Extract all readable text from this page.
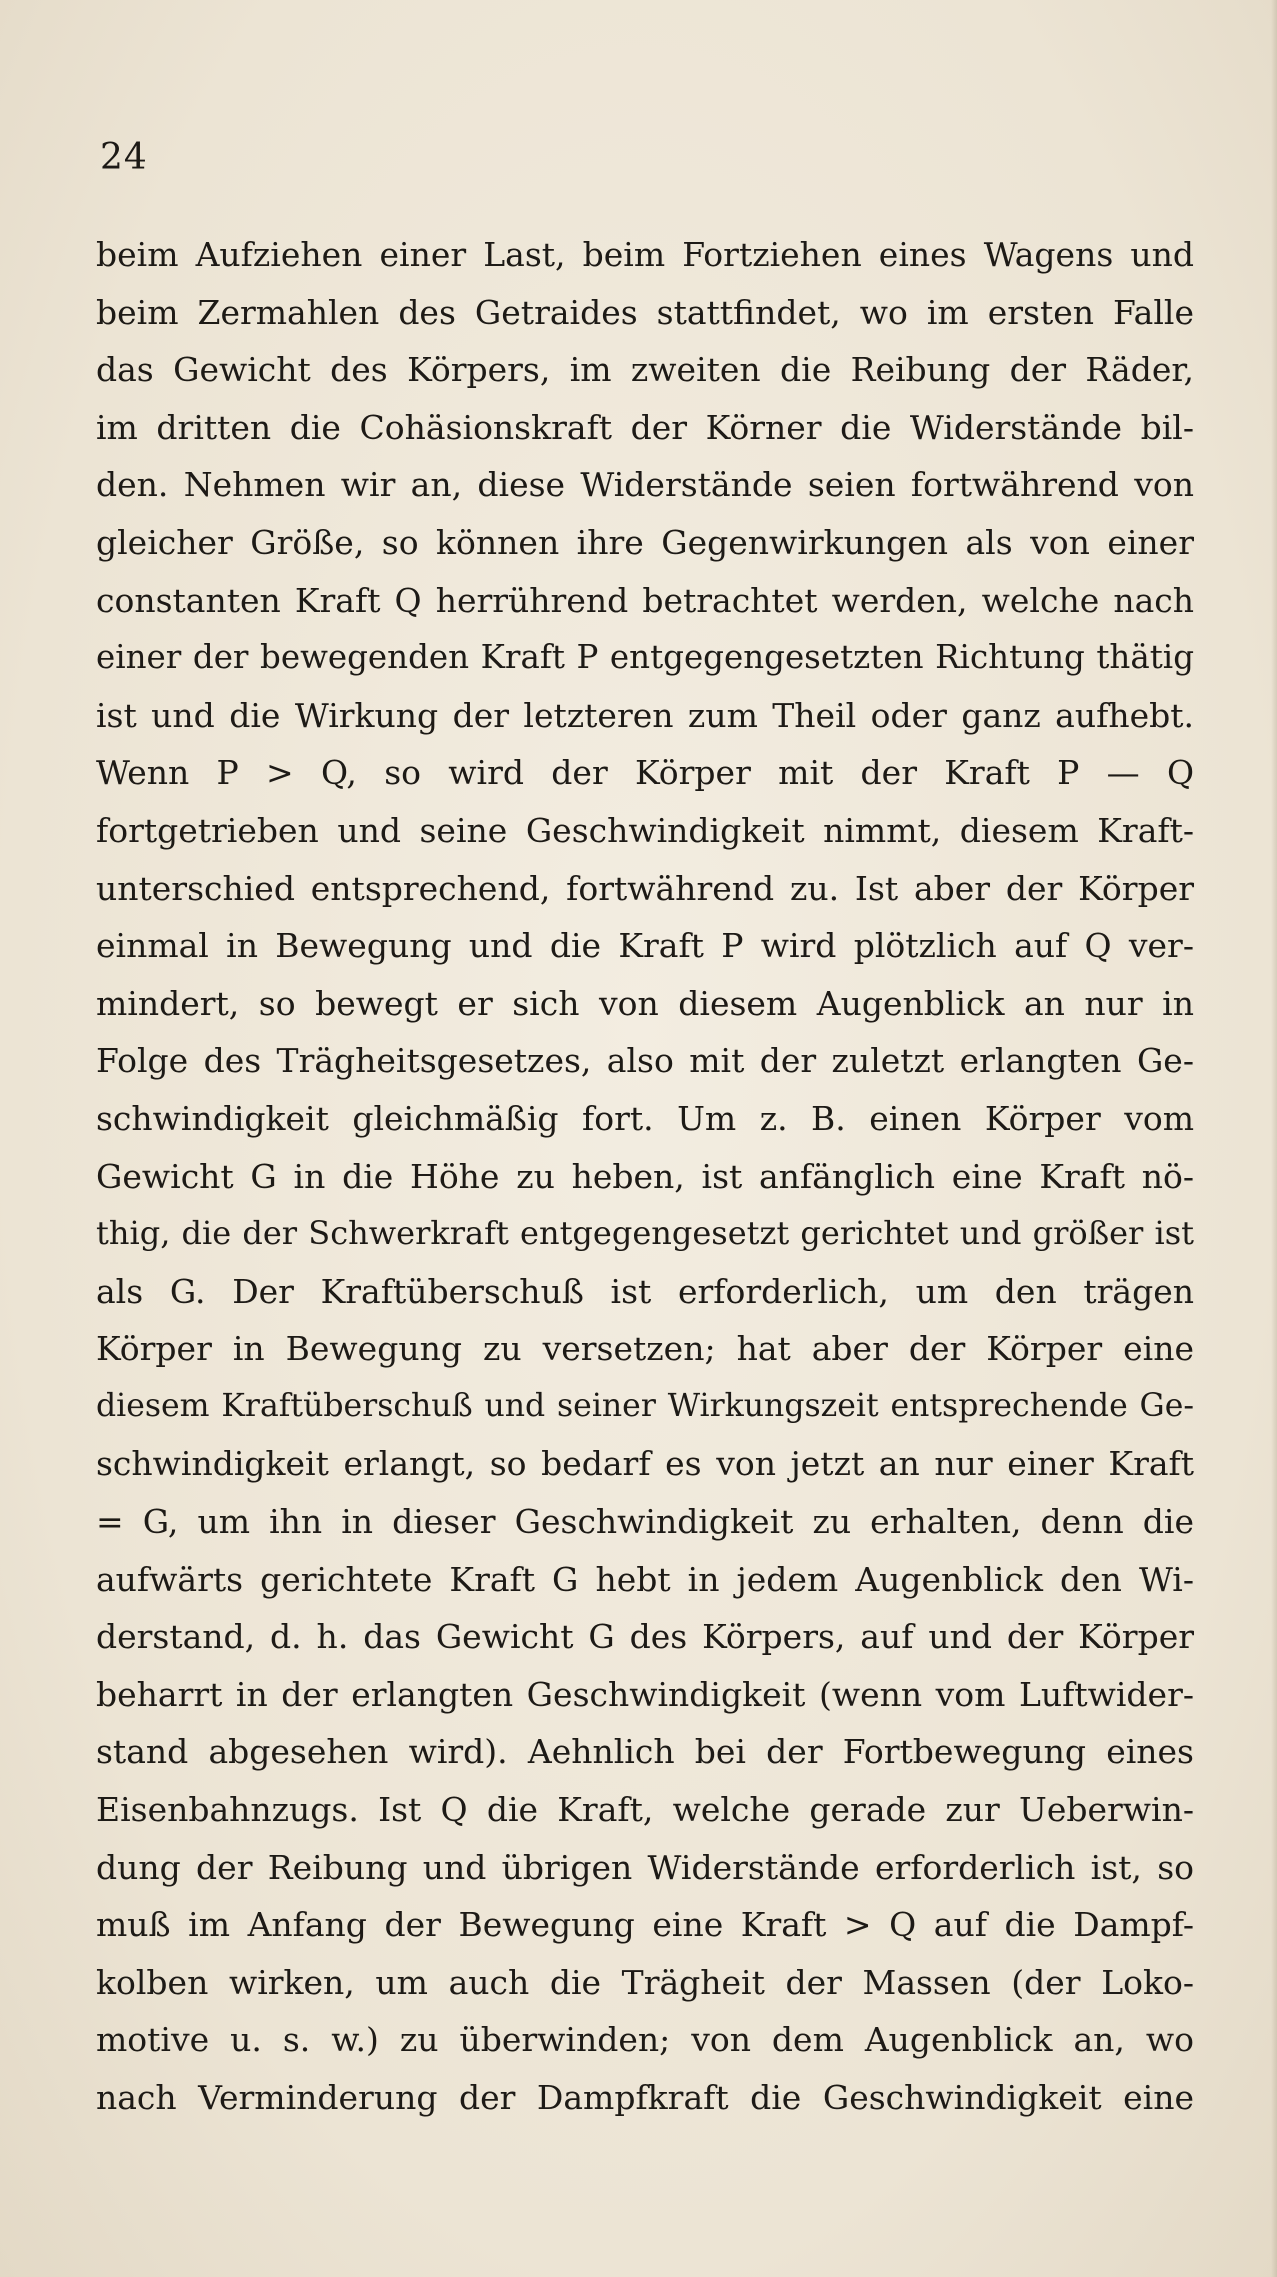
24
beim Aufziehen einer Last, beim Fortziehen eines Wagens und
beim Zermahlen des Getraides stattfindet, wo im ersten Falle
das Gewicht des Körpers, im zweiten die Reibung der Räder,
im dritten die Cohäsionskraft der Körner die Widerstände bil-
den. Nehmen wir an, diese Widerstände seien fortwährend von
gleicher Größe, so können ihre Gegenwirkungen als von einer
constanten Kraft Q herrührend betrachtet werden, welche nach
einer der bewegenden Kraft P entgegengesetzten Richtung thätig
ist und die Wirkung der letzteren zum Theil oder ganz aufhebt.
Wenn P > Q, so wird der Körper mit der Kraft P — Q
fortgetrieben und seine Geschwindigkeit nimmt, diesem Kraft-
unterschied entsprechend, fortwährend zu. Ist aber der Körper
einmal in Bewegung und die Kraft P wird plötzlich auf Q ver-
mindert, so bewegt er sich von diesem Augenblick an nur in
Folge des Trägheitsgesetzes, also mit der zuletzt erlangten Ge-
schwindigkeit gleichmäßig fort. Um z. B. einen Körper vom
Gewicht G in die Höhe zu heben, ist anfänglich eine Kraft nö-
thig, die der Schwerkraft entgegengesetzt gerichtet und größer ist
als G. Der Kraftüberschuß ist erforderlich, um den trägen
Körper in Bewegung zu versetzen; hat aber der Körper eine
diesem Kraftüberschuß und seiner Wirkungszeit entsprechende Ge-
schwindigkeit erlangt, so bedarf es von jetzt an nur einer Kraft
= G, um ihn in dieser Geschwindigkeit zu erhalten, denn die
aufwärts gerichtete Kraft G hebt in jedem Augenblick den Wi-
derstand, d. h. das Gewicht G des Körpers, auf und der Körper
beharrt in der erlangten Geschwindigkeit (wenn vom Luftwider-
stand abgesehen wird). Aehnlich bei der Fortbewegung eines
Eisenbahnzugs. Ist Q die Kraft, welche gerade zur Ueberwin-
dung der Reibung und übrigen Widerstände erforderlich ist, so
muß im Anfang der Bewegung eine Kraft > Q auf die Dampf-
kolben wirken, um auch die Trägheit der Massen (der Loko-
motive u. s. w.) zu überwinden; von dem Augenblick an, wo
nach Verminderung der Dampfkraft die Geschwindigkeit eine
